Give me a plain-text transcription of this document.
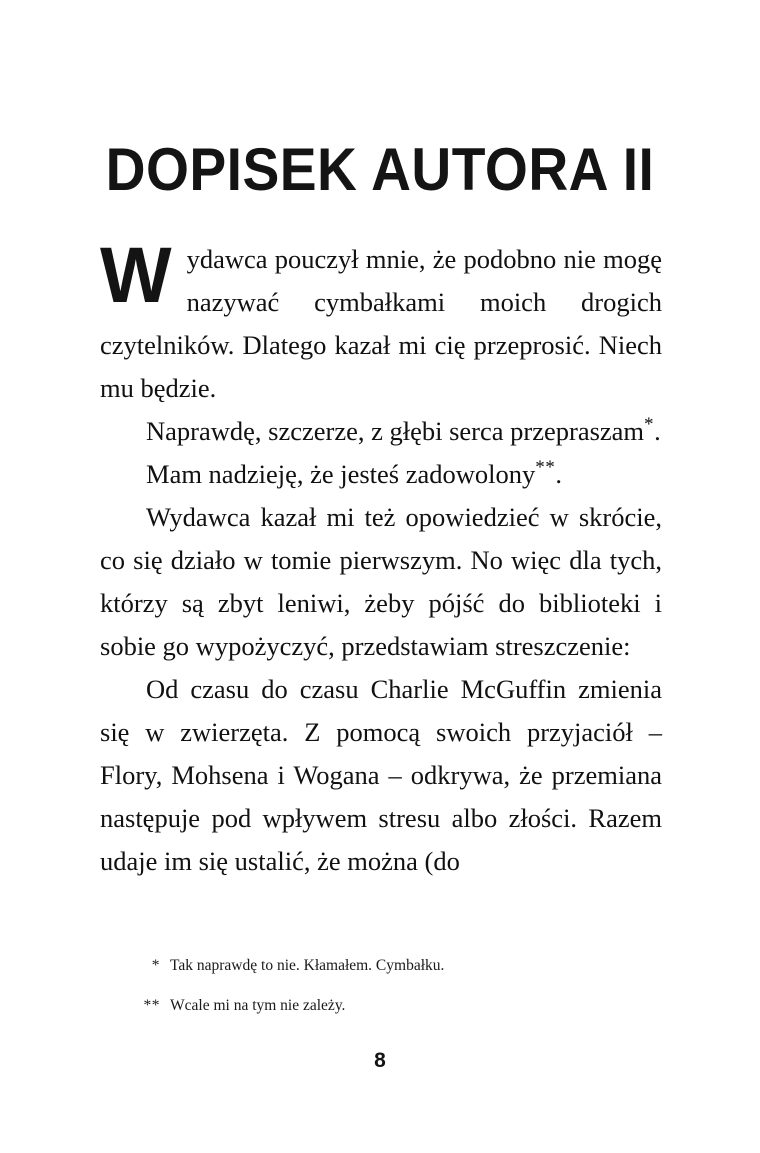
DOPISEK AUTORA II

Wydawca pouczył mnie, że podobno nie mogę nazywać cymbałkami moich drogich czytelników. Dlatego kazał mi cię przeprosić. Niech mu będzie.

Naprawdę, szczerze, z głębi serca przepraszam*.

Mam nadzieję, że jesteś zadowolony**.

Wydawca kazał mi też opowiedzieć w skrócie, co się działo w tomie pierwszym. No więc dla tych, którzy są zbyt leniwi, żeby pójść do biblioteki i sobie go wypożyczyć, przedstawiam streszczenie:

Od czasu do czasu Charlie McGuffin zmienia się w zwierzęta. Z pomocą swoich przyjaciół – Flory, Mohsena i Wogana – odkrywa, że przemiana następuje pod wpływem stresu albo złości. Razem udaje im się ustalić, że można (do

* Tak naprawdę to nie. Kłamałem. Cymbałku.
** Wcale mi na tym nie zależy.
8
